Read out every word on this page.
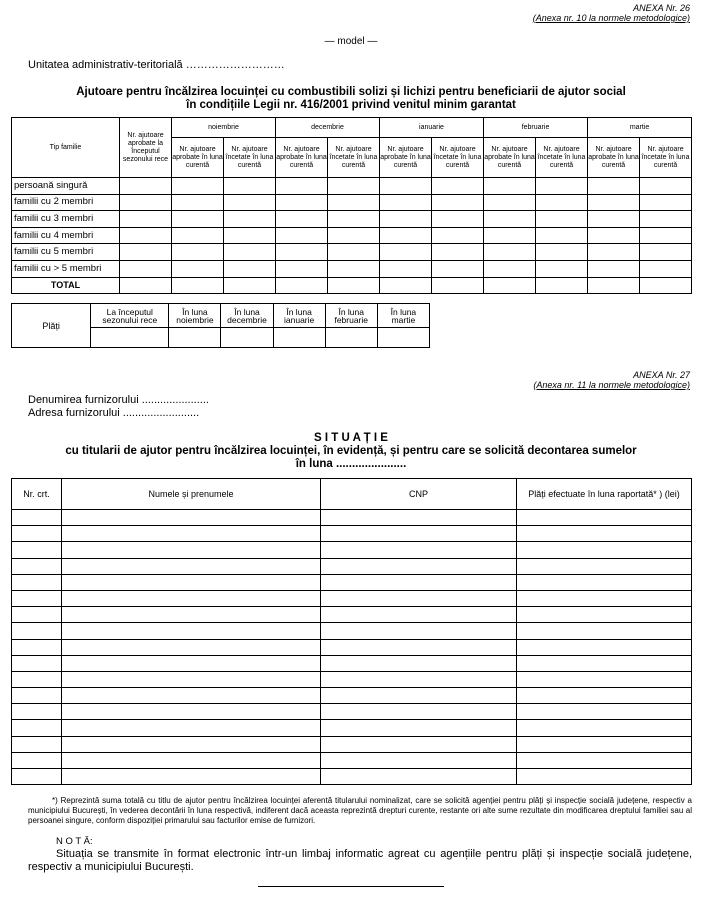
ANEXA Nr. 26
(Anexa nr. 10 la normele metodologice)
— model —
Unitatea administrativ-teritorială ………………………
Ajutoare pentru încălzirea locuinței cu combustibili solizi și lichizi pentru beneficiarii de ajutor social
în condițiile Legii nr. 416/2001 privind venitul minim garantat
Tip familie	Nr. ajutoare aprobate la începutul sezonului rece	noiembrie		decembrie		ianuarie		februarie		martie	
		Nr. ajutoare aprobate în luna curentă	Nr. ajutoare încetate în luna curentă	Nr. ajutoare aprobate în luna curentă	Nr. ajutoare încetate în luna curentă	Nr. ajutoare aprobate în luna curentă	Nr. ajutoare încetate în luna curentă	Nr. ajutoare aprobate în luna curentă	Nr. ajutoare încetate în luna curentă	Nr. ajutoare aprobate în luna curentă	Nr. ajutoare încetate în luna curentă
persoană singură											
familii cu 2 membri											
familii cu 3 membri											
familii cu 4 membri											
familii cu 5 membri											
familii cu > 5 membri											
TOTAL											
Plăți	La începutul sezonului rece	În luna noiembrie	În luna decembrie	În luna ianuarie	În luna februarie	În luna martie

ANEXA Nr. 27
(Anexa nr. 11 la normele metodologice)
Denumirea furnizorului ......................
Adresa furnizorului .........................
S I T U A Ț I E
cu titularii de ajutor pentru încălzirea locuinței, în evidență, și pentru care se solicită decontarea sumelor
în luna ......................
Nr. crt.	Numele și prenumele	CNP	Plăți efectuate în luna raportată* ) (lei)

*) Reprezintă suma totală cu titlu de ajutor pentru încălzirea locuinței aferentă titularului nominalizat, care se solicită agenției pentru plăți și inspecție socială județene, respectiv a municipiului București, în vederea decontării în luna respectivă, indiferent dacă aceasta reprezintă drepturi curente, restante ori alte sume rezultate din modificarea dreptului familiei sau al persoanei singure, conform dispoziției primarului sau facturilor emise de furnizori.
N O T Ă:
Situația se transmite în format electronic într-un limbaj informatic agreat cu agențiile pentru plăți și inspecție socială județene, respectiv a municipiului București.
